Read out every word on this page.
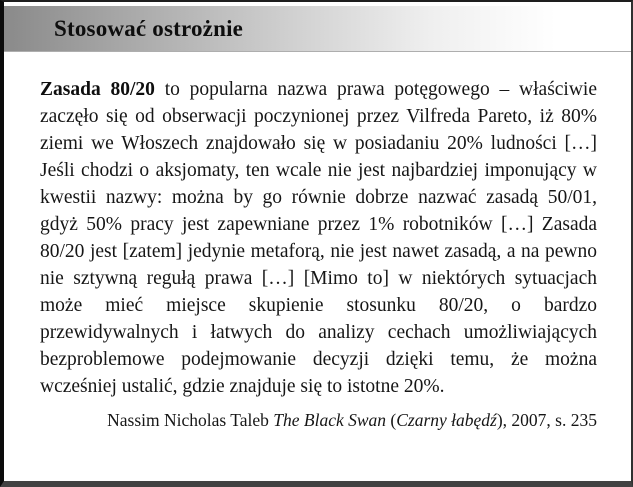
Stosować ostrożnie

Zasada 80/20 to popularna nazwa prawa potęgowego – właściwie zaczęło się od obserwacji poczynionej przez Vilfreda Pareto, iż 80% ziemi we Włoszech znajdowało się w posiadaniu 20% ludności […] Jeśli chodzi o aksjomaty, ten wcale nie jest najbardziej imponujący w kwestii nazwy: można by go równie dobrze nazwać zasadą 50/01, gdyż 50% pracy jest zapewniane przez 1% robotników […] Zasada 80/20 jest [zatem] jedynie metaforą, nie jest nawet zasadą, a na pewno nie sztywną regułą prawa […] [Mimo to] w niektórych sytuacjach może mieć miejsce skupienie stosunku 80/20, o bardzo przewidywalnych i łatwych do analizy cechach umożliwiających bezproblemowe podejmowanie decyzji dzięki temu, że można wcześniej ustalić, gdzie znajduje się to istotne 20%.

Nassim Nicholas Taleb The Black Swan (Czarny łabędź), 2007, s. 235
